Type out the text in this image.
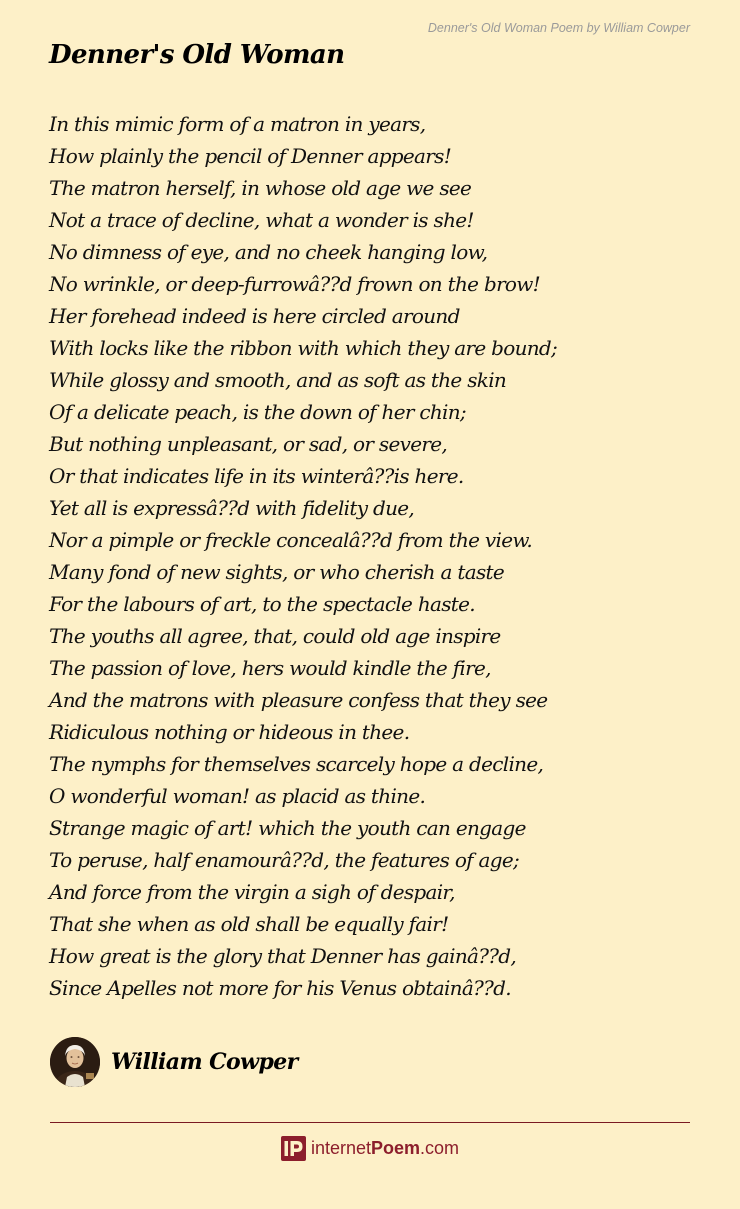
Denner's Old Woman Poem by William Cowper
Denner's Old Woman
In this mimic form of a matron in years,
How plainly the pencil of Denner appears!
The matron herself, in whose old age we see
Not a trace of decline, what a wonder is she!
No dimness of eye, and no cheek hanging low,
No wrinkle, or deep-furrowâ??d frown on the brow!
Her forehead indeed is here circled around
With locks like the ribbon with which they are bound;
While glossy and smooth, and as soft as the skin
Of a delicate peach, is the down of her chin;
But nothing unpleasant, or sad, or severe,
Or that indicates life in its winterâ??is here.
Yet all is expressâ??d with fidelity due,
Nor a pimple or freckle concealâ??d from the view.
Many fond of new sights, or who cherish a taste
For the labours of art, to the spectacle haste.
The youths all agree, that, could old age inspire
The passion of love, hers would kindle the fire,
And the matrons with pleasure confess that they see
Ridiculous nothing or hideous in thee.
The nymphs for themselves scarcely hope a decline,
O wonderful woman! as placid as thine.
Strange magic of art! which the youth can engage
To peruse, half enamourâ??d, the features of age;
And force from the virgin a sigh of despair,
That she when as old shall be equally fair!
How great is the glory that Denner has gainâ??d,
Since Apelles not more for his Venus obtainâ??d.
William Cowper
internetPoem.com
